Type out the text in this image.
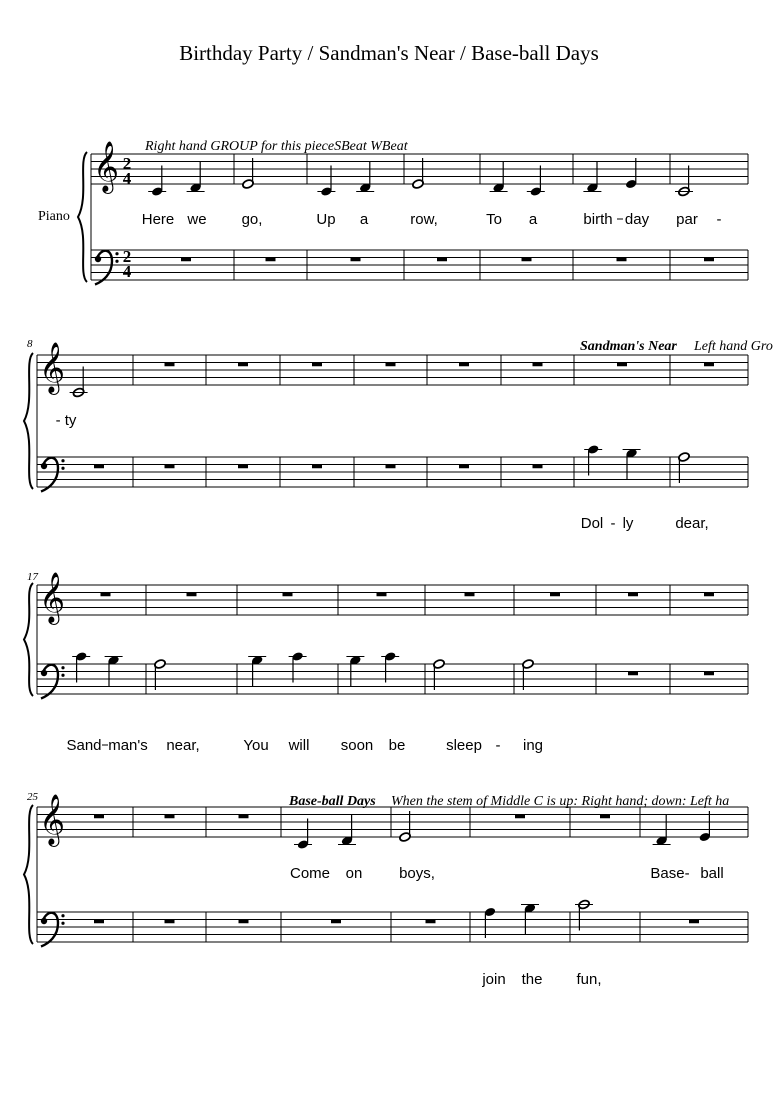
Birthday Party / Sandman's Near / Base-ball Days
Piano
Right hand GROUP for this pieceSBeat WBeat
Sandman's Near Left hand Gro
Base-ball Days When the stem of Middle C is up: Right hand; down: Left ha
8
17
25
2
4
2
4
Here we go,	Up a	row,	To a	birth day par -
- ty
Dol - ly	dear,
Sand man's near,	You will soon be	sleep - ing
Come on boys,	Base- ball
join the fun,
𝄞
𝄞
𝄞
𝄞
